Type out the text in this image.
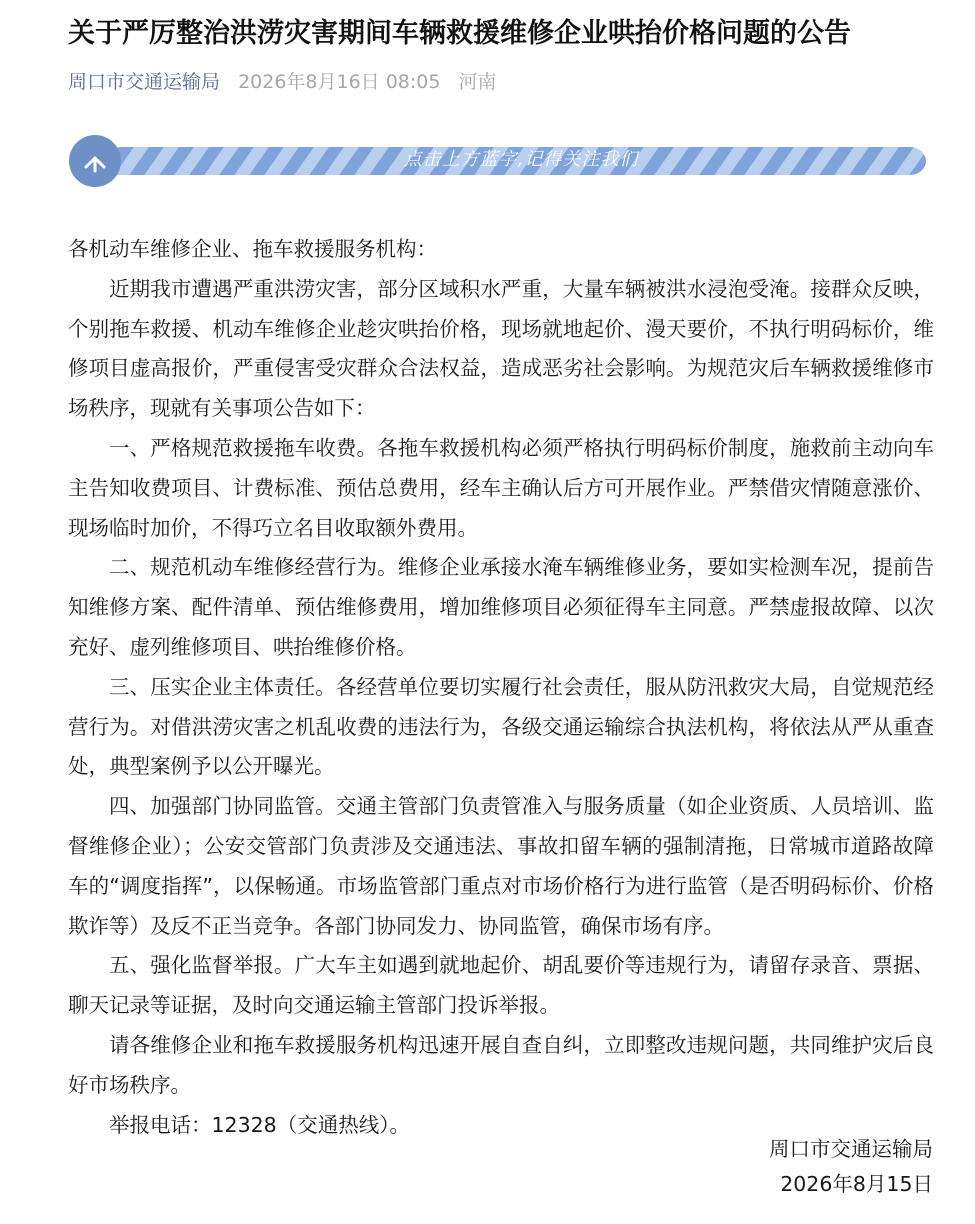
关于严厉整治洪涝灾害期间车辆救援维修企业哄抬价格问题的公告
周口市交通运输局 2026年8月16日 08:05 河南
点击上方蓝字,记得关注我们

各机动车维修企业、拖车救援服务机构：

近期我市遭遇严重洪涝灾害，部分区域积水严重，大量车辆被洪水浸泡受淹。接群众反映，个别拖车救援、机动车维修企业趁灾哄抬价格，现场就地起价、漫天要价，不执行明码标价，维修项目虚高报价，严重侵害受灾群众合法权益，造成恶劣社会影响。为规范灾后车辆救援维修市场秩序，现就有关事项公告如下：

一、严格规范救援拖车收费。各拖车救援机构必须严格执行明码标价制度，施救前主动向车主告知收费项目、计费标准、预估总费用，经车主确认后方可开展作业。严禁借灾情随意涨价、现场临时加价，不得巧立名目收取额外费用。

二、规范机动车维修经营行为。维修企业承接水淹车辆维修业务，要如实检测车况，提前告知维修方案、配件清单、预估维修费用，增加维修项目必须征得车主同意。严禁虚报故障、以次充好、虚列维修项目、哄抬维修价格。

三、压实企业主体责任。各经营单位要切实履行社会责任，服从防汛救灾大局，自觉规范经营行为。对借洪涝灾害之机乱收费的违法行为，各级交通运输综合执法机构，将依法从严从重查处，典型案例予以公开曝光。

四、加强部门协同监管。交通主管部门负责管准入与服务质量（如企业资质、人员培训、监督维修企业）；公安交管部门负责涉及交通违法、事故扣留车辆的强制清拖，日常城市道路故障车的“调度指挥”，以保畅通。市场监管部门重点对市场价格行为进行监管（是否明码标价、价格欺诈等）及反不正当竞争。各部门协同发力、协同监管，确保市场有序。

五、强化监督举报。广大车主如遇到就地起价、胡乱要价等违规行为，请留存录音、票据、聊天记录等证据，及时向交通运输主管部门投诉举报。

请各维修企业和拖车救援服务机构迅速开展自查自纠，立即整改违规问题，共同维护灾后良好市场秩序。

举报电话：12328（交通热线）。

周口市交通运输局
2026年8月15日
